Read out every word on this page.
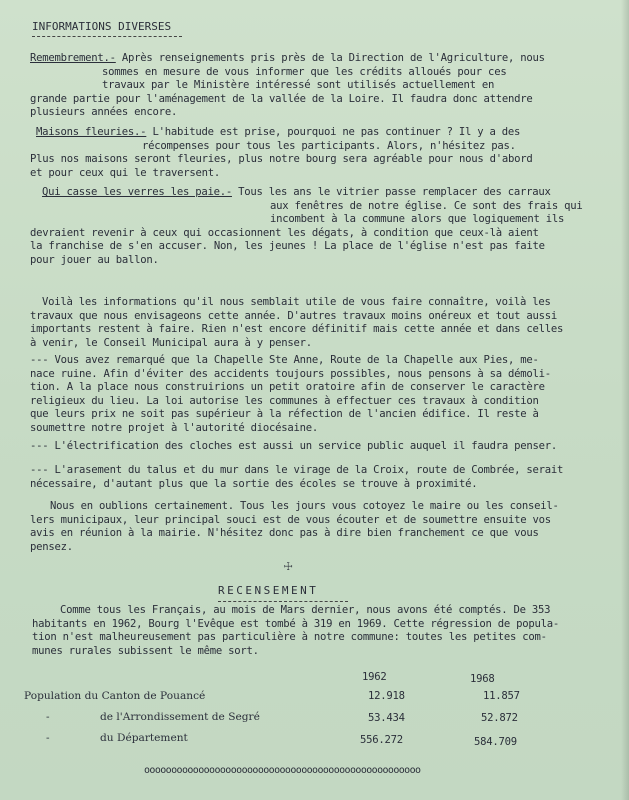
INFORMATIONS DIVERSES

Remembrement.- Après renseignements pris près de la Direction de l'Agriculture, nous

sommes en mesure de vous informer que les crédits alloués pour ces

travaux par le Ministère intéressé sont utilisés actuellement en

grande partie pour l'aménagement de la vallée de la Loire. Il faudra donc attendre

plusieurs années encore.

Maisons fleuries.- L'habitude est prise, pourquoi ne pas continuer ? Il y a des

récompenses pour tous les participants. Alors, n'hésitez pas.

Plus nos maisons seront fleuries, plus notre bourg sera agréable pour nous d'abord

et pour ceux qui le traversent.

Qui casse les verres les paie.- Tous les ans le vitrier passe remplacer des carraux

aux fenêtres de notre église. Ce sont des frais qui

incombent à la commune alors que logiquement ils

devraient revenir à ceux qui occasionnent les dégats, à condition que ceux-là aient

la franchise de s'en accuser. Non, les jeunes ! La place de l'église n'est pas faite

pour jouer au ballon.

Voilà les informations qu'il nous semblait utile de vous faire connaître, voilà les

travaux que nous envisageons cette année. D'autres travaux moins onéreux et tout aussi

importants restent à faire. Rien n'est encore définitif mais cette année et dans celles

à venir, le Conseil Municipal aura à y penser.

--- Vous avez remarqué que la Chapelle Ste Anne, Route de la Chapelle aux Pies, me-

nace ruine. Afin d'éviter des accidents toujours possibles, nous pensons à sa démoli-

tion. A la place nous construirions un petit oratoire afin de conserver le caractère

religieux du lieu. La loi autorise les communes à effectuer ces travaux à condition

que leurs prix ne soit pas supérieur à la réfection de l'ancien édifice. Il reste à

soumettre notre projet à l'autorité diocésaine.

--- L'électrification des cloches est aussi un service public auquel il faudra penser.

--- L'arasement du talus et du mur dans le virage de la Croix, route de Combrée, serait

nécessaire, d'autant plus que la sortie des écoles se trouve à proximité.

Nous en oublions certainement. Tous les jours vous cotoyez le maire ou les conseil-

lers municipaux, leur principal souci est de vous écouter et de soumettre ensuite vos

avis en réunion à la mairie. N'hésitez donc pas à dire bien franchement ce que vous

pensez.

☩
RECENSEMENT

Comme tous les Français, au mois de Mars dernier, nous avons été comptés. De 353

habitants en 1962, Bourg l'Evêque est tombé à 319 en 1969. Cette régression de popula-

tion n'est malheureusement pas particulière à notre commune: toutes les petites com-

munes rurales subissent le même sort.

1962	1968
Population du Canton de Pouancé	12.918	11.857
-	de l'Arrondissement de Segré	53.434	52.872
-	du Département	556.272	584.709
ooooooooooooooooooooooooooooooooooooooooooooooooooo
